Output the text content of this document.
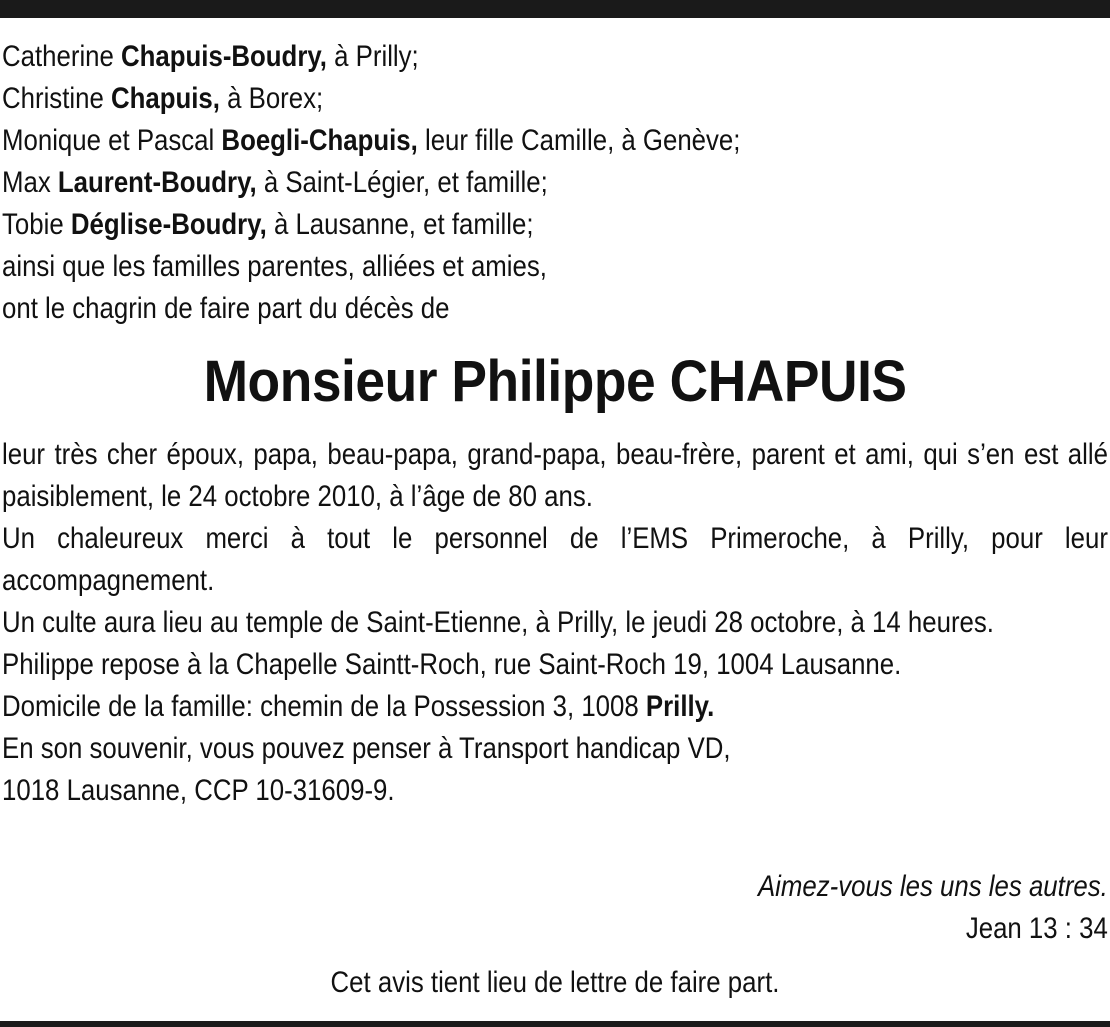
Catherine Chapuis-Boudry, à Prilly;
Christine Chapuis, à Borex;
Monique et Pascal Boegli-Chapuis, leur fille Camille, à Genève;
Max Laurent-Boudry, à Saint-Légier, et famille;
Tobie Déglise-Boudry, à Lausanne, et famille;
ainsi que les familles parentes, alliées et amies,
ont le chagrin de faire part du décès de
Monsieur Philippe CHAPUIS
leur très cher époux, papa, beau-papa, grand-papa, beau-frère, parent et ami, qui s’en est allé paisiblement, le 24 octobre 2010, à l’âge de 80 ans.
Un chaleureux merci à tout le personnel de l’EMS Primeroche, à Prilly, pour leur accompagnement.
Un culte aura lieu au temple de Saint-Etienne, à Prilly, le jeudi 28 octobre, à 14 heures.
Philippe repose à la Chapelle Saintt-Roch, rue Saint-Roch 19, 1004 Lausanne.
Domicile de la famille: chemin de la Possession 3, 1008 Prilly.
En son souvenir, vous pouvez penser à Transport handicap VD,
1018 Lausanne, CCP 10-31609-9.
Aimez-vous les uns les autres.
Jean 13 : 34
Cet avis tient lieu de lettre de faire part.
